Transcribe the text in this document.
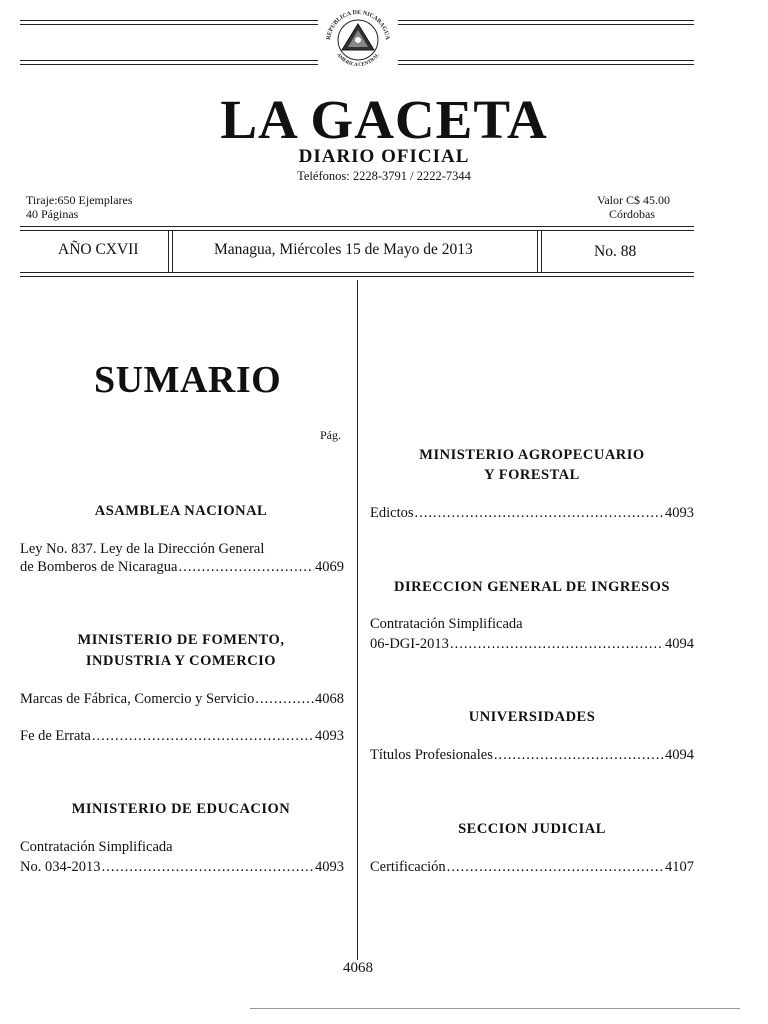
REPUBLICA DE NICARAGUA
AMERICA CENTRAL
LA GACETA
DIARIO OFICIAL
Teléfonos: 2228-3791 / 2222-7344
Tiraje:650 Ejemplares
40 Páginas
Valor C$ 45.00
Córdobas
AÑO CXVII	Managua, Miércoles 15 de Mayo de 2013	No. 88
SUMARIO
Pág.
ASAMBLEA NACIONAL
Ley No. 837. Ley de la Dirección General
de Bomberos de Nicaragua .....	4069
MINISTERIO DE FOMENTO,
INDUSTRIA Y COMERCIO
Marcas de Fábrica, Comercio y Servicio .....	4068
Fe de Errata .....	4093
MINISTERIO DE EDUCACION
Contratación Simplificada
No. 034-2013 .....	4093
MINISTERIO AGROPECUARIO
Y FORESTAL
Edictos .....	4093
DIRECCION GENERAL DE INGRESOS
Contratación Simplificada
06-DGI-2013 .....	4094
UNIVERSIDADES
Títulos Profesionales .....	4094
SECCION JUDICIAL
Certificación .....	4107
4068
